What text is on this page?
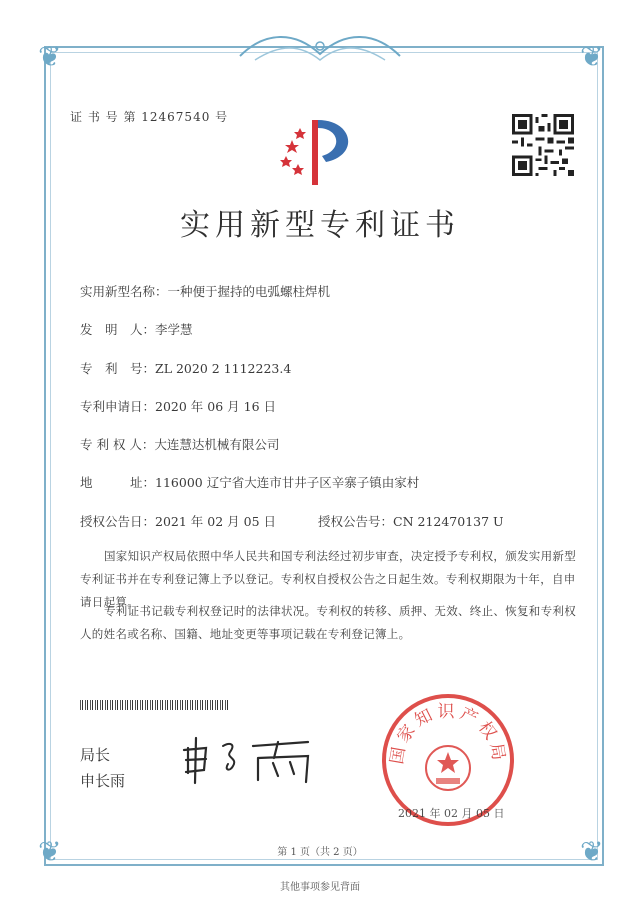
❦	❦
❦	❦
证 书 号 第 12467540 号
实用新型专利证书
实用新型名称：一种便于握持的电弧螺柱焊机
发　明　人：李学慧
专　利　号：ZL 2020 2 1112223.4
专利申请日：2020 年 06 月 16 日
专 利 权 人：大连慧达机械有限公司
地　　　址：116000 辽宁省大连市甘井子区辛寨子镇由家村
授权公告日：2021 年 02 月 05 日	授权公告号：CN 212470137 U
国家知识产权局依照中华人民共和国专利法经过初步审查，决定授予专利权，颁发实用新型专利证书并在专利登记簿上予以登记。专利权自授权公告之日起生效。专利权期限为十年，自申请日起算。
专利证书记载专利权登记时的法律状况。专利权的转移、质押、无效、终止、恢复和专利权人的姓名或名称、国籍、地址变更等事项记载在专利登记簿上。
局长
申长雨
国家知识产权局
2021 年 02 月 05 日
第 1 页（共 2 页）
其他事项参见背面
